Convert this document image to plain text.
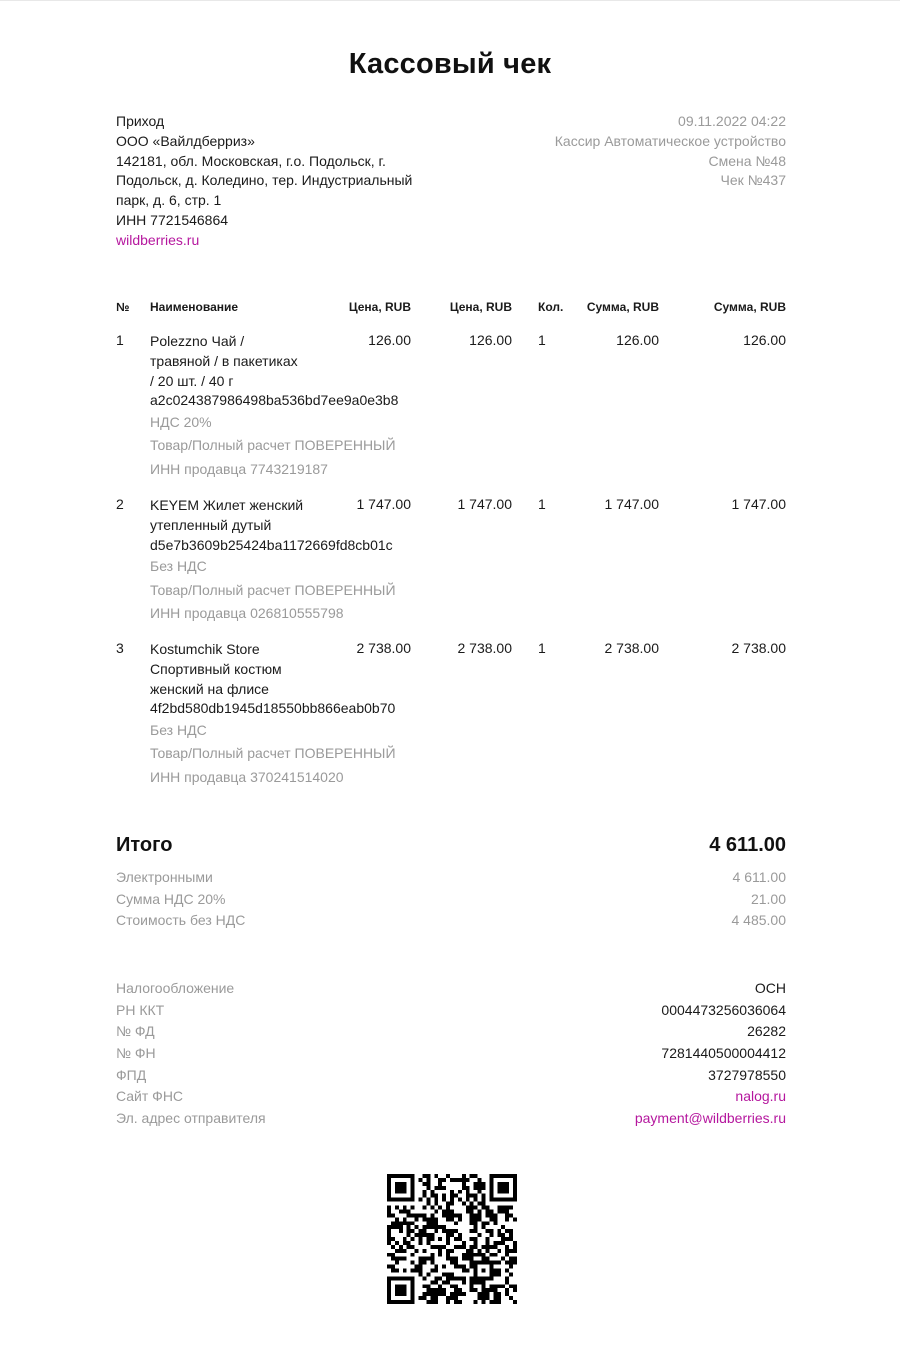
Кассовый чек
Приход
ООО «Вайлдберриз»
142181, обл. Московская, г.о. Подольск, г.
Подольск, д. Коледино, тер. Индустриальный
парк, д. 6, стр. 1
ИНН 7721546864
wildberries.ru
09.11.2022 04:22
Кассир Автоматическое устройство
Смена №48
Чек №437
№ Наименование	Цена, RUB	Цена, RUB Кол. Сумма, RUB	Сумма, RUB
1 Polezzno Чай /
травяной / в пакетиках
/ 20 шт. / 40 г
a2c024387986498ba536bd7ee9a0e3b8
НДС 20%
Товар/Полный расчет ПОВЕРЕННЫЙ
ИНН продавца 7743219187
126.00	126.00 1	126.00	126.00
2 KEYEM Жилет женский
утепленный дутый
d5e7b3609b25424ba1172669fd8cb01c
Без НДС
Товар/Полный расчет ПОВЕРЕННЫЙ
ИНН продавца 026810555798
1 747.00	1 747.00 1	1 747.00	1 747.00
3 Kostumchik Store
Спортивный костюм
женский на флисе
4f2bd580db1945d18550bb866eab0b70
Без НДС
Товар/Полный расчет ПОВЕРЕННЫЙ
ИНН продавца 370241514020
2 738.00	2 738.00 1	2 738.00	2 738.00
Итого	4 611.00
Электронными	4 611.00
Сумма НДС 20%	21.00
Стоимость без НДС	4 485.00
Налогообложение	ОСН
РН ККТ	0004473256036064
№ ФД	26282
№ ФН	7281440500004412
ФПД	3727978550
Сайт ФНС	nalog.ru
Эл. адрес отправителя	payment@wildberries.ru
